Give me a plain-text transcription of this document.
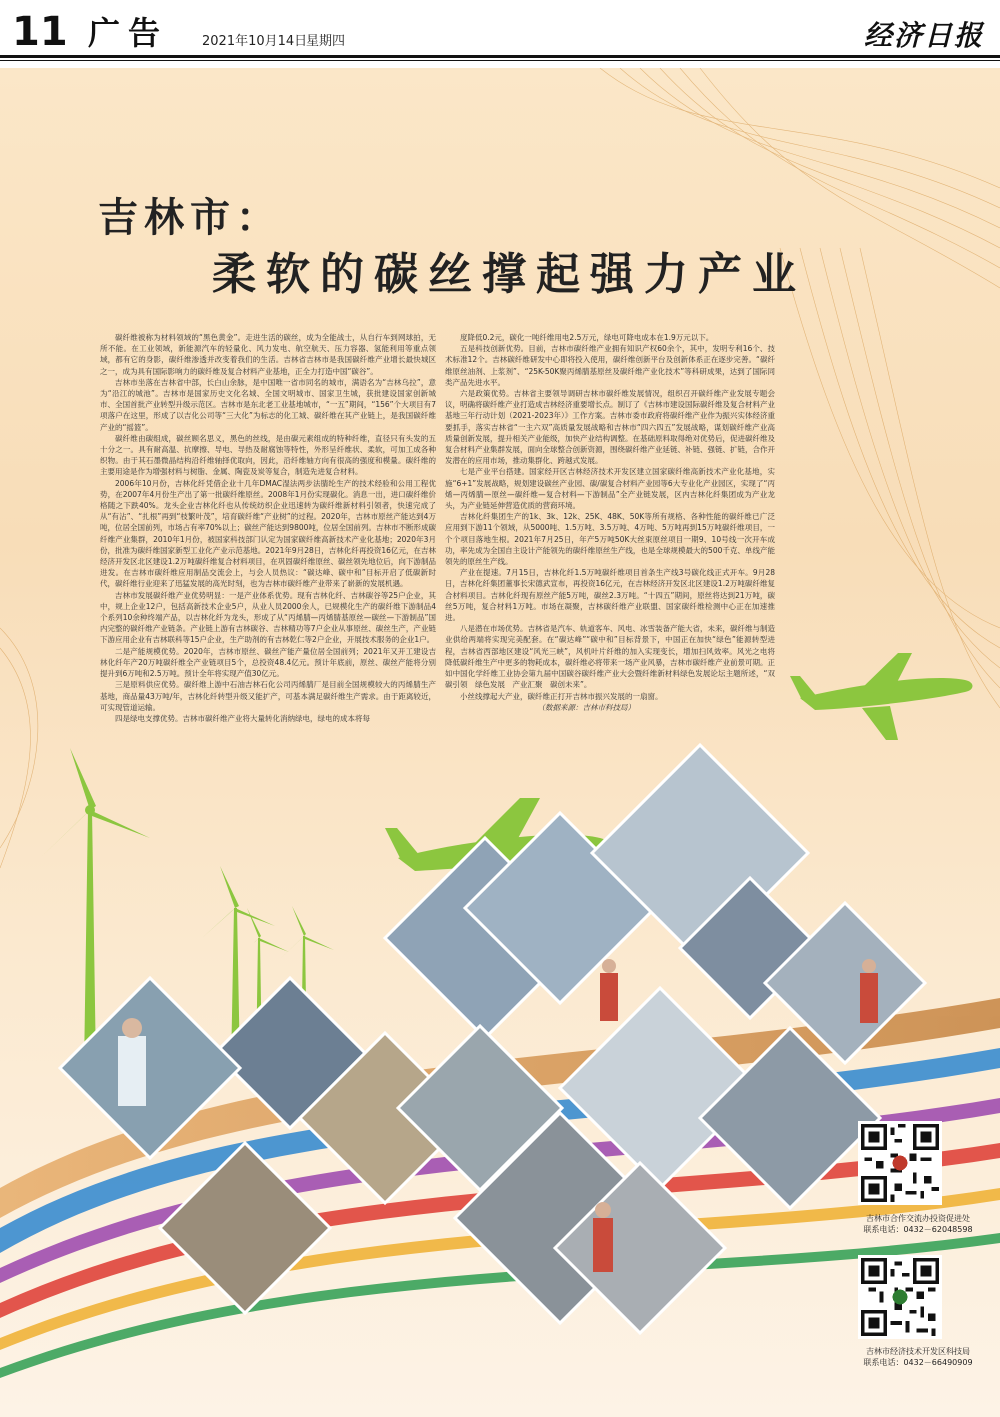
11 广告	2021年10月14日
星期四	经济日报
吉林市：
柔软的碳丝撑起强力产业

碳纤维被称为材料领域的“黑色黄金”。走进生活的碳丝，成为全能战士，从自行车到网球拍，无所不能。在工业领域，新能源汽车的轻量化、风力发电、航空航天、压力容器、氢能利用等重点领域，都有它的身影，碳纤维渗透并改变着我们的生活。吉林省吉林市是我国碳纤维产业增长最快城区之一，成为具有国际影响力的碳纤维及复合材料产业基地，正全力打造中国“碳谷”。

吉林市坐落在吉林省中部，长白山余脉，是中国唯一省市同名的城市，满语名为“吉林乌拉”，意为“沿江的城池”。吉林市是国家历史文化名城、全国文明城市、国家卫生城，获批建设国家创新城市、全国首批产业转型升级示范区。吉林市是东北老工业基地城市，“一五”期间，“156”个大项目有7项落户在这里，形成了以吉化公司等“三大化”为标志的化工城、碳纤维在其产业链上，是我国碳纤维产业的“摇篮”。

碳纤维由碳组成，碳丝顾名思义，黑色的丝线，是由碳元素组成的特种纤维，直径只有头发的五十分之一。具有耐高温、抗摩擦、导电、导热及耐腐蚀等特性，外形呈纤维状、柔软，可加工成各种织物。由于其石墨微晶结构沿纤维轴择优取向，因此，沿纤维轴方向有很高的强度和模量。碳纤维的主要用途是作为增强材料与树脂、金属、陶瓷及炭等复合，制造先进复合材料。

2006年10月份，吉林化纤凭借企业十几年DMAC湿法两步法腈纶生产的技术经验和公用工程优势，在2007年4月份生产出了第一批碳纤维原丝。2008年1月份实现碳化。消息一出，进口碳纤维价格随之下跌40%。龙头企业吉林化纤也从传统纺织企业迅速转为碳纤维新材料引领者，快速完成了从“有沾”、“扎根”再到“枝繁叶茂”，培育碳纤维“产业树”的过程。2020年，吉林市原丝产能达到4万吨，位居全国前列，市场占有率70%以上；碳丝产能达到9800吨，位居全国前列。吉林市不断形成碳纤维产业集群，2010年1月份，被国家科技部门认定为国家碳纤维高新技术产业化基地；2020年3月份，批准为碳纤维国家新型工业化产业示范基地。2021年9月28日，吉林化纤再投资16亿元，在吉林经济开发区北区建设1.2万吨碳纤维复合材料项目，在巩固碳纤维原丝、碳丝领先地位后，向下游制品进发。在吉林市碳纤维应用制品交流会上，与会人员热议：“碳达峰、碳中和”目标开启了低碳新时代，碳纤维行业迎来了迅猛发展的高光时刻，也为吉林市碳纤维产业带来了崭新的发展机遇。

吉林市发展碳纤维产业优势明显：一是产业体系优势。现有吉林化纤、吉林碳谷等25户企业，其中，规上企业12户，包括高新技术企业5户，从业人员2000余人，已规模化生产的碳纤维下游制品4个系列10余种终端产品，以吉林化纤为龙头，形成了从“丙烯腈—丙烯腈基原丝—碳丝—下游制品”国内完整的碳纤维产业链条。产业链上游有吉林碳谷、吉林精功等7户企业从事原丝、碳丝生产，产业链下游应用企业有吉林联科等15户企业，生产助剂的有吉林乾仁等2户企业，开展技术服务的企业1户。

二是产能规模优势。2020年，吉林市原丝、碳丝产能产量位居全国前列；2021年又开工建设吉林化纤年产20万吨碳纤维全产业链项目5个，总投资48.4亿元。预计年底前，原丝、碳丝产能将分别提升到6万吨和2.5万吨。预计全年将实现产值30亿元。

三是原料供应优势。碳纤维上游中石油吉林石化公司丙烯腈厂是目前全国规模较大的丙烯腈生产基地，商品量43万吨/年，吉林化纤转型升级又能扩产，可基本满足碳纤维生产需求。由于距离较近，可实现管道运输。

四是绿电支撑优势。吉林市碳纤维产业将大量转化消纳绿电，绿电的成本将每

度降低0.2元，碳化一吨纤维用电2.5万元，绿电可降电成本在1.9万元以下。

五是科技创新优势。目前，吉林市碳纤维产业拥有知识产权60余个，其中，发明专利16个、技术标准12个。吉林碳纤维研发中心即将投入使用，碳纤维创新平台及创新体系正在逐步完善。“碳纤维原丝油剂、上浆剂”、“25K-50K聚丙烯腈基原丝及碳纤维产业化技术”等科研成果，达到了国际同类产品先进水平。

六是政策优势。吉林省主要领导调研吉林市碳纤维发展情况，组织召开碳纤维产业发展专题会议，明确将碳纤维产业打造成吉林经济重要增长点。制订了《吉林市建设国际碳纤维及复合材料产业基地三年行动计划（2021-2023年）》工作方案。吉林市委市政府将碳纤维产业作为振兴实体经济重要抓手，落实吉林省“一主六双”高质量发展战略和吉林市“四六四五”发展战略，谋划碳纤维产业高质量创新发展，提升相关产业能级，加快产业结构调整。在基础原料取得绝对优势后，促进碳纤维及复合材料产业集群发展，面向全球整合创新资源，围绕碳纤维产业延链、补链、强链、扩链，合作开发潜在的应用市场，推动集群化、跨越式发展。

七是产业平台搭建。国家经开区吉林经济技术开发区建立国家碳纤维高新技术产业化基地，实施“6+1”发展战略，规划建设碳丝产业园、碳/碳复合材料产业园等6大专业化产业园区，实现了“丙烯—丙烯腈—原丝—碳纤维—复合材料—下游制品”全产业链发展，区内吉林化纤集团成为产业龙头，为产业链延伸营造优质的营商环境。

吉林化纤集团生产的1k、3k、12k、25K、48K、50K等所有规格、各种性能的碳纤维已广泛应用到下游11个领域，从5000吨、1.5万吨、3.5万吨、4万吨、5万吨再到15万吨碳纤维项目，一个个项目落地生根。2021年7月25日，年产5万吨50K大丝束原丝项目一期9、10号线一次开车成功，率先成为全国自主设计产能领先的碳纤维原丝生产线，也是全球规模最大的500千克、单线产能领先的原丝生产线。

产业在提速。7月15日，吉林化纤1.5万吨碳纤维项目首条生产线3号碳化线正式开车。9月28日，吉林化纤集团董事长宋德武宣布，再投资16亿元，在吉林经济开发区北区建设1.2万吨碳纤维复合材料项目。吉林化纤现有原丝产能5万吨，碳丝2.3万吨。“十四五”期间，原丝将达到21万吨，碳丝5万吨，复合材料1万吨。市场在凝聚，吉林碳纤维产业联盟、国家碳纤维检测中心正在加速推进。

八是潜在市场优势。吉林省是汽车、轨道客车、风电、冰雪装备产能大省，未来，碳纤维与制造业供给两端将实现完美配套。在“碳达峰”“碳中和”目标背景下，中国正在加快“绿色”能源转型进程，吉林省西部地区建设“风光三峡”，风机叶片纤维的加入实现变长，增加扫风效率。风光之电将降低碳纤维生产中更多的物耗成本，碳纤维必将带来一场产业风暴，吉林市碳纤维产业前景可期。正如中国化学纤维工业协会第九届中国碳谷碳纤维产业大会暨纤维新材料绿色发展论坛主题所述，“双碳引领　绿色发展　产业汇聚　碳创未来”。

小丝线撑起大产业，碳纤维正打开吉林市振兴发展的一扇窗。

（数据来源：吉林市科技局）

吉林市合作交流办投资促进处
联系电话：0432－62048598
吉林市经济技术开发区科技局
联系电话：0432－66490909
